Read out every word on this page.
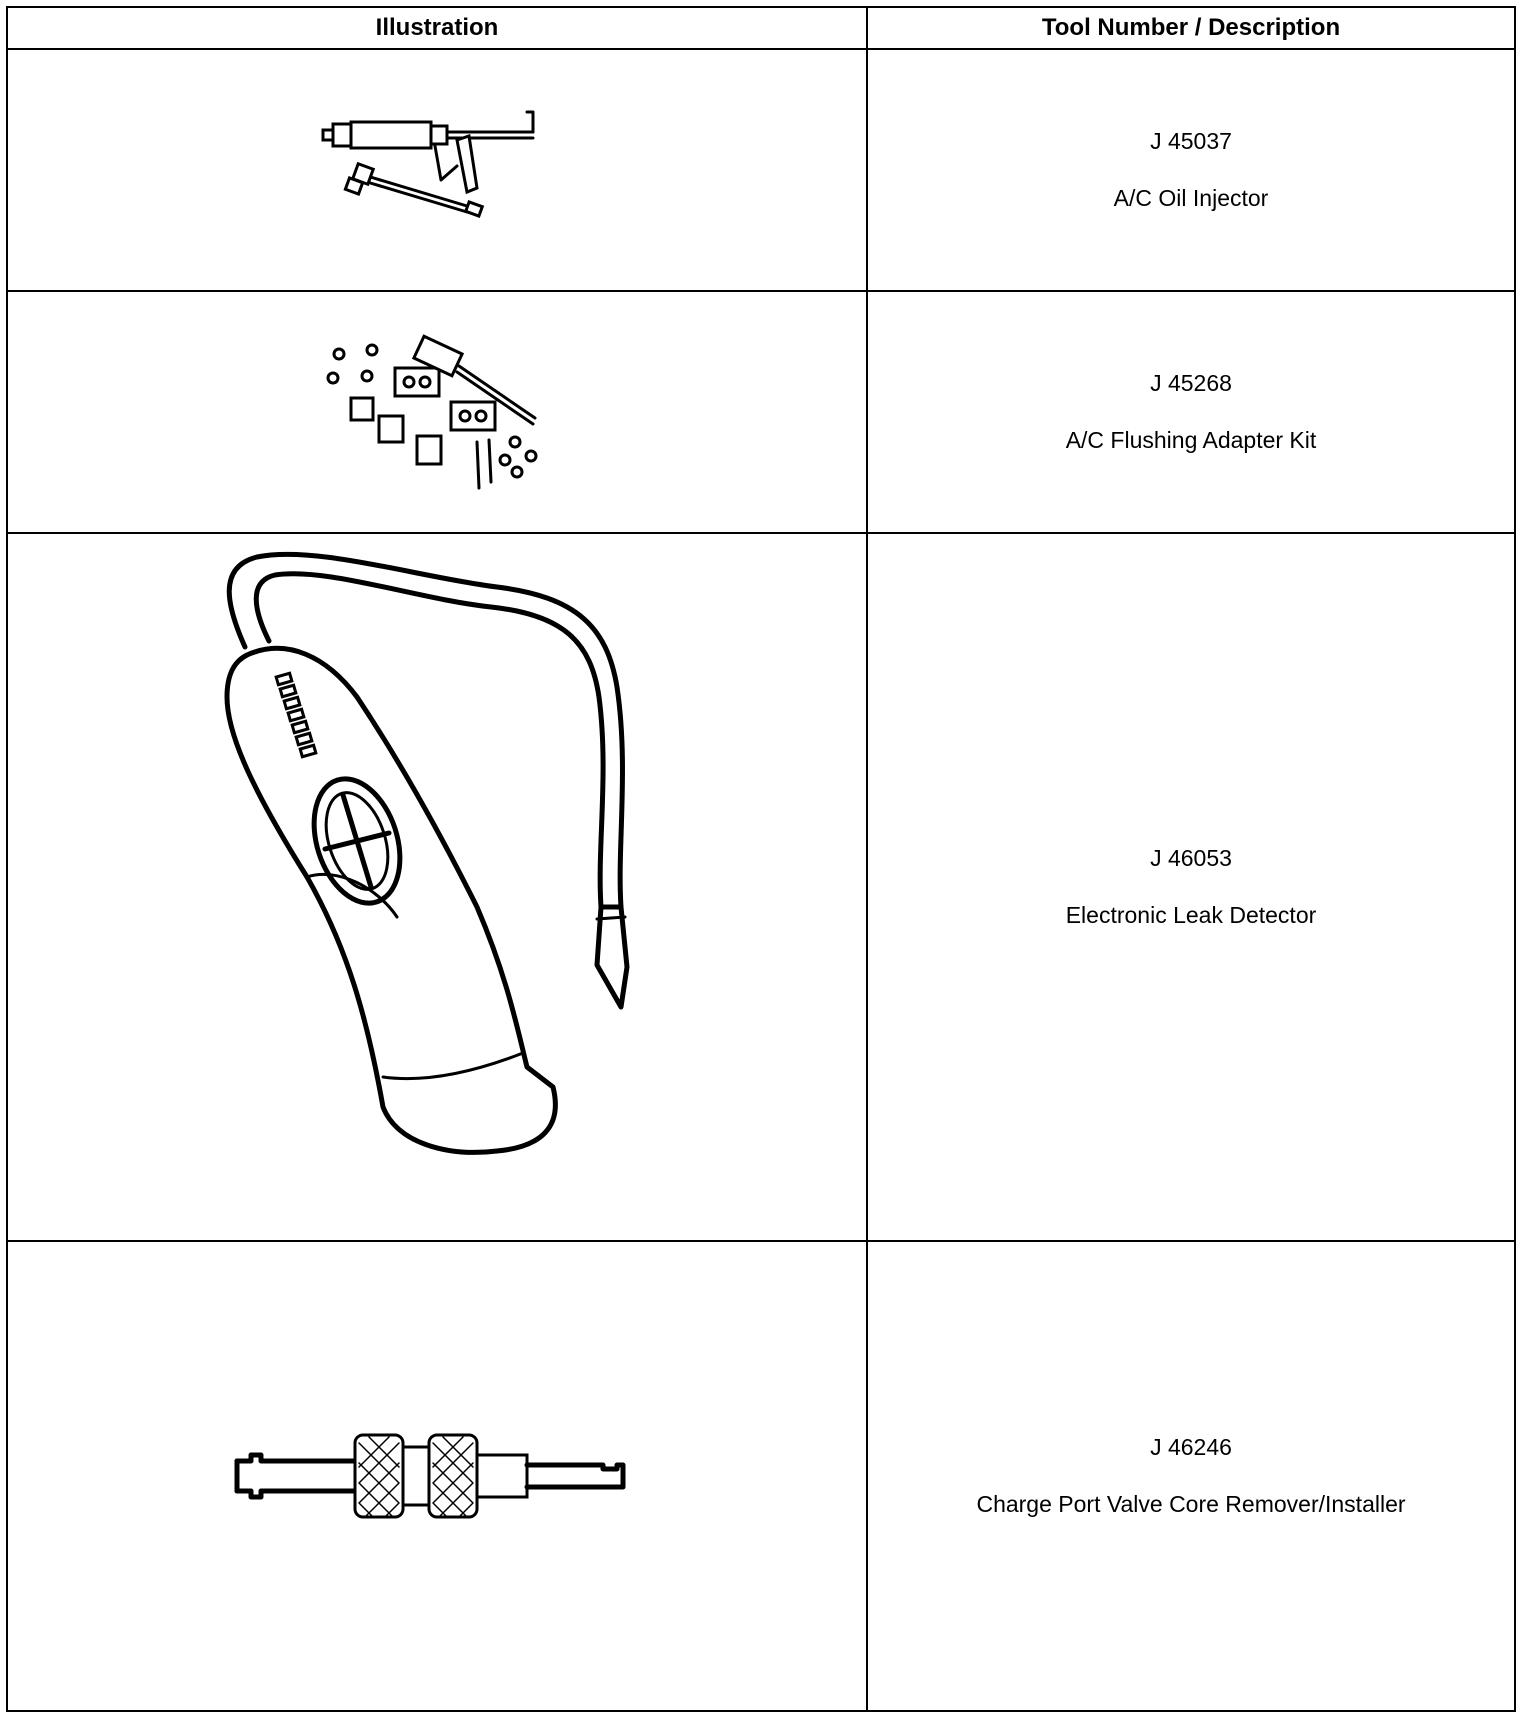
Illustration	Tool Number / Description

J 45037
A/C Oil Injector

J 45268
A/C Flushing Adapter Kit

J 46053
Electronic Leak Detector

J 46246
Charge Port Valve Core Remover/Installer
